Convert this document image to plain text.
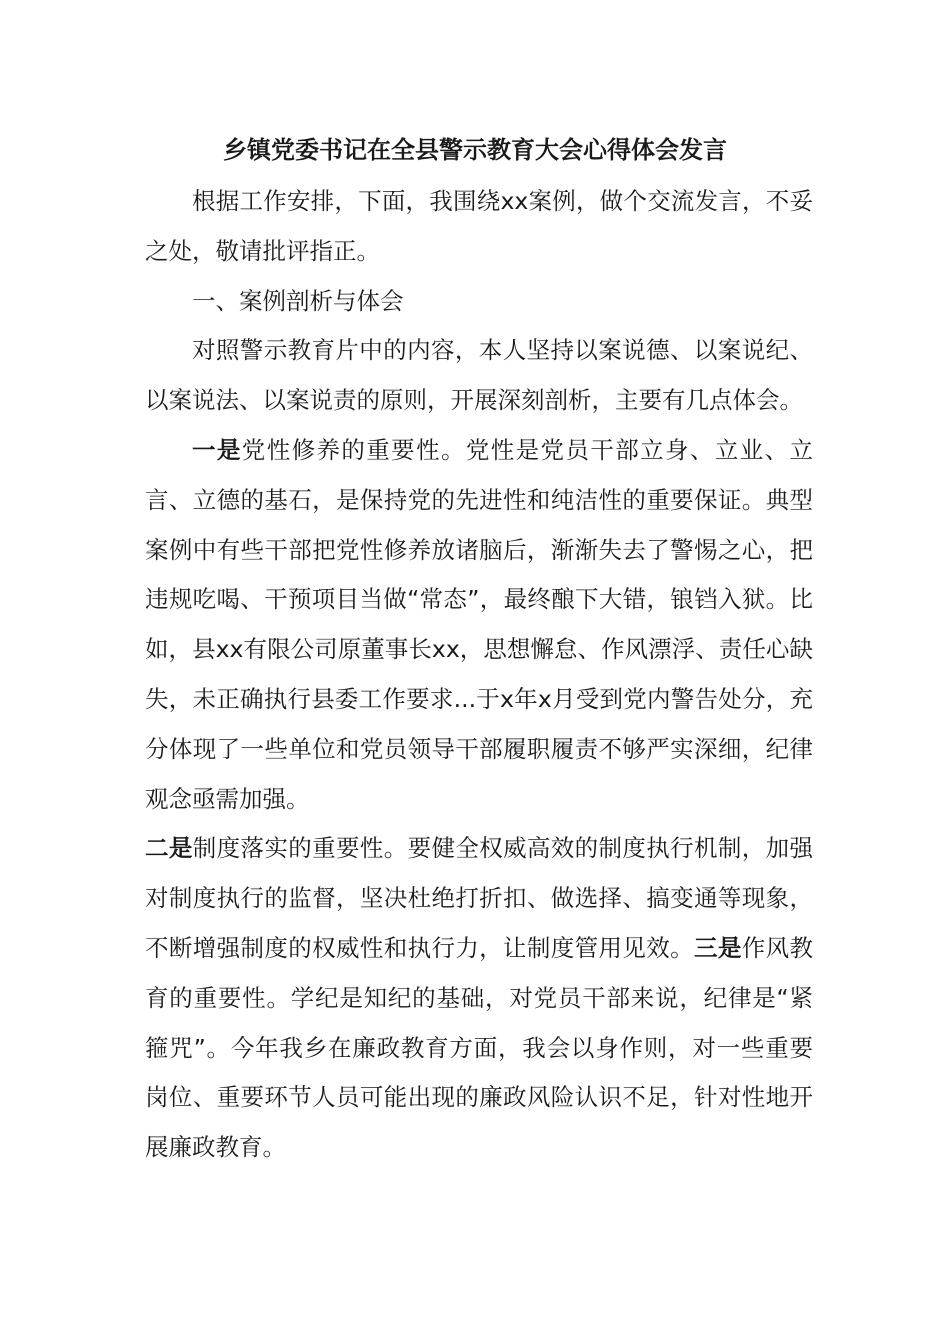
乡镇党委书记在全县警示教育大会心得体会发言

根据工作安排，下面，我围绕xx案例，做个交流发言，不妥之处，敬请批评指正。

一、案例剖析与体会

对照警示教育片中的内容，本人坚持以案说德、以案说纪、以案说法、以案说责的原则，开展深刻剖析，主要有几点体会。

一是党性修养的重要性。党性是党员干部立身、立业、立言、立德的基石，是保持党的先进性和纯洁性的重要保证。典型案例中有些干部把党性修养放诸脑后，渐渐失去了警惕之心，把违规吃喝、干预项目当做“常态”，最终酿下大错，锒铛入狱。比如，县xx有限公司原董事长xx，思想懈怠、作风漂浮、责任心缺失，未正确执行县委工作要求...于x年x月受到党内警告处分，充分体现了一些单位和党员领导干部履职履责不够严实深细，纪律观念亟需加强。

二是制度落实的重要性。要健全权威高效的制度执行机制，加强对制度执行的监督，坚决杜绝打折扣、做选择、搞变通等现象，不断增强制度的权威性和执行力，让制度管用见效。三是作风教育的重要性。学纪是知纪的基础，对党员干部来说，纪律是“紧箍咒”。今年我乡在廉政教育方面，我会以身作则，对一些重要岗位、重要环节人员可能出现的廉政风险认识不足，针对性地开展廉政教育。
